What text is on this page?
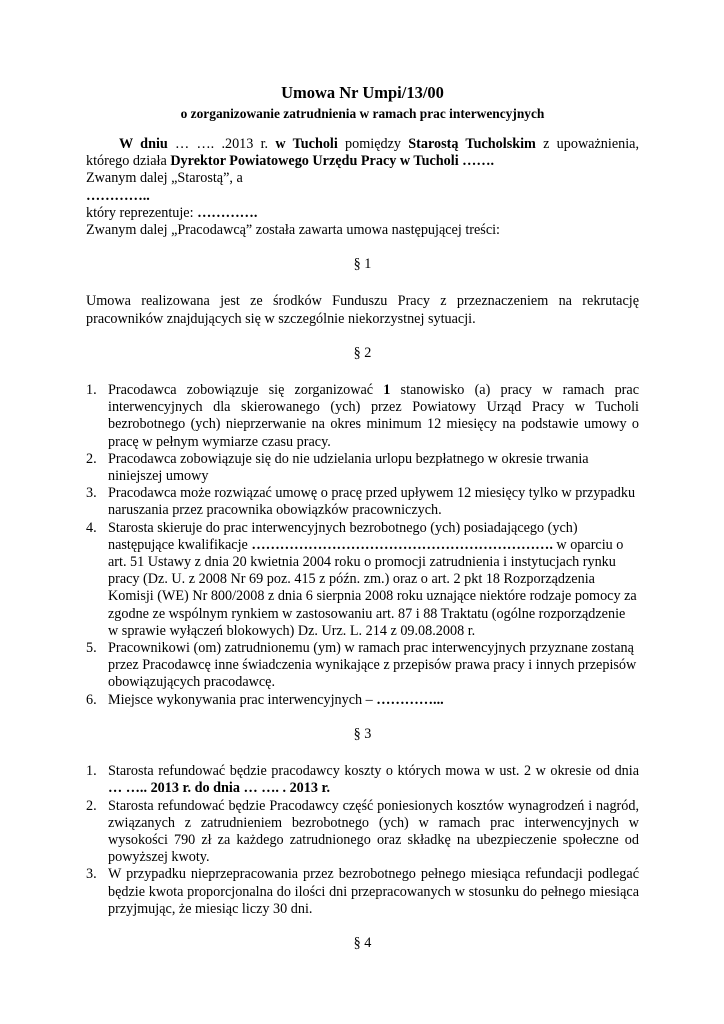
Umowa Nr Umpi/13/00

o zorganizowanie zatrudnienia w ramach prac interwencyjnych

W dniu … …. .2013 r. w Tucholi pomiędzy Starostą Tucholskim z upoważnienia, którego działa Dyrektor Powiatowego Urzędu Pracy w Tucholi …….

Zwanym dalej „Starostą”, a

…………..

który reprezentuje: ………….

Zwanym dalej „Pracodawcą” została zawarta umowa następującej treści:

§ 1

Umowa realizowana jest ze środków Funduszu Pracy z przeznaczeniem na rekrutację pracowników znajdujących się w szczególnie niekorzystnej sytuacji.

§ 2

1. Pracodawca zobowiązuje się zorganizować 1 stanowisko (a) pracy w ramach prac interwencyjnych dla skierowanego (ych) przez Powiatowy Urząd Pracy w Tucholi bezrobotnego (ych) nieprzerwanie na okres minimum 12 miesięcy na podstawie umowy o pracę w pełnym wymiarze czasu pracy.
2. Pracodawca zobowiązuje się do nie udzielania urlopu bezpłatnego w okresie trwania niniejszej umowy
3. Pracodawca może rozwiązać umowę o pracę przed upływem 12 miesięcy tylko w przypadku naruszania przez pracownika obowiązków pracowniczych.
4. Starosta skieruje do prac interwencyjnych bezrobotnego (ych) posiadającego (ych) następujące kwalifikacje ………………………………………………………. w oparciu o art. 51 Ustawy z dnia 20 kwietnia 2004 roku o promocji zatrudnienia i instytucjach rynku pracy (Dz. U. z 2008 Nr 69 poz. 415 z późn. zm.) oraz o art. 2 pkt 18 Rozporządzenia Komisji (WE) Nr 800/2008 z dnia 6 sierpnia 2008 roku uznające niektóre rodzaje pomocy za zgodne ze wspólnym rynkiem w zastosowaniu art. 87 i 88 Traktatu (ogólne rozporządzenie w sprawie wyłączeń blokowych) Dz. Urz. L. 214 z 09.08.2008 r.
5. Pracownikowi (om) zatrudnionemu (ym) w ramach prac interwencyjnych przyznane zostaną przez Pracodawcę inne świadczenia wynikające z przepisów prawa pracy i innych przepisów obowiązujących pracodawcę.
6. Miejsce wykonywania prac interwencyjnych – …………...

§ 3

1. Starosta refundować będzie pracodawcy koszty o których mowa w ust. 2 w okresie od dnia … ….. 2013 r. do dnia … …. . 2013 r.
2. Starosta refundować będzie Pracodawcy część poniesionych kosztów wynagrodzeń i nagród, związanych z zatrudnieniem bezrobotnego (ych) w ramach prac interwencyjnych w wysokości 790 zł za każdego zatrudnionego oraz składkę na ubezpieczenie społeczne od powyższej kwoty.
3. W przypadku nieprzepracowania przez bezrobotnego pełnego miesiąca refundacji podlegać będzie kwota proporcjonalna do ilości dni przepracowanych w stosunku do pełnego miesiąca przyjmując, że miesiąc liczy 30 dni.

§ 4
